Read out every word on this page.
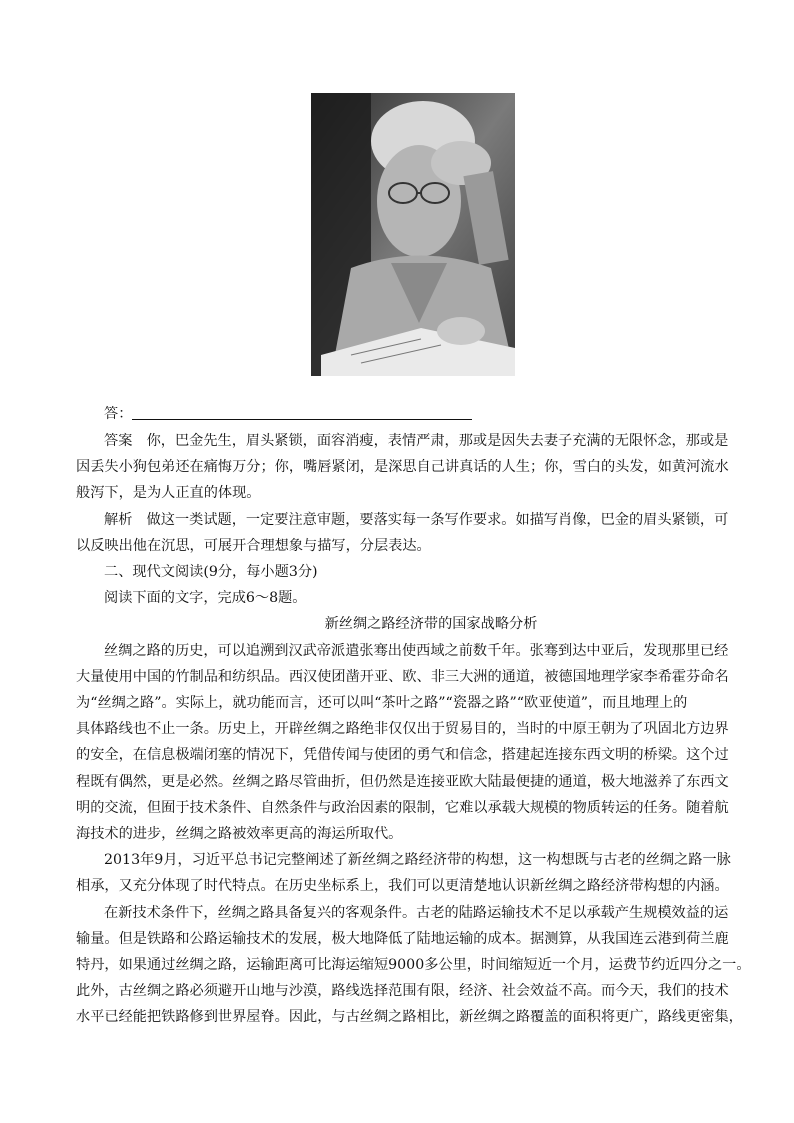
答：
答案　你，巴金先生，眉头紧锁，面容消瘦，表情严肃，那或是因失去妻子充满的无限怀念，那或是
因丢失小狗包弟还在痛悔万分；你，嘴唇紧闭，是深思自己讲真话的人生；你，雪白的头发，如黄河流水
般泻下，是为人正直的体现。
解析　做这一类试题，一定要注意审题，要落实每一条写作要求。如描写肖像，巴金的眉头紧锁，可
以反映出他在沉思，可展开合理想象与描写，分层表达。
二、现代文阅读(9分，每小题3分)
阅读下面的文字，完成6～8题。
新丝绸之路经济带的国家战略分析
丝绸之路的历史，可以追溯到汉武帝派遣张骞出使西域之前数千年。张骞到达中亚后，发现那里已经
大量使用中国的竹制品和纺织品。西汉使团凿开亚、欧、非三大洲的通道，被德国地理学家李希霍芬命名
为“丝绸之路”。实际上，就功能而言，还可以叫“茶叶之路”“瓷器之路”“欧亚使道”，而且地理上的
具体路线也不止一条。历史上，开辟丝绸之路绝非仅仅出于贸易目的，当时的中原王朝为了巩固北方边界
的安全，在信息极端闭塞的情况下，凭借传闻与使团的勇气和信念，搭建起连接东西文明的桥梁。这个过
程既有偶然，更是必然。丝绸之路尽管曲折，但仍然是连接亚欧大陆最便捷的通道，极大地滋养了东西文
明的交流，但囿于技术条件、自然条件与政治因素的限制，它难以承载大规模的物质转运的任务。随着航
海技术的进步，丝绸之路被效率更高的海运所取代。
2013年9月，习近平总书记完整阐述了新丝绸之路经济带的构想，这一构想既与古老的丝绸之路一脉
相承，又充分体现了时代特点。在历史坐标系上，我们可以更清楚地认识新丝绸之路经济带构想的内涵。
在新技术条件下，丝绸之路具备复兴的客观条件。古老的陆路运输技术不足以承载产生规模效益的运
输量。但是铁路和公路运输技术的发展，极大地降低了陆地运输的成本。据测算，从我国连云港到荷兰鹿
特丹，如果通过丝绸之路，运输距离可比海运缩短9000多公里，时间缩短近一个月，运费节约近四分之一。
此外，古丝绸之路必须避开山地与沙漠，路线选择范围有限，经济、社会效益不高。而今天，我们的技术
水平已经能把铁路修到世界屋脊。因此，与古丝绸之路相比，新丝绸之路覆盖的面积将更广，路线更密集，
